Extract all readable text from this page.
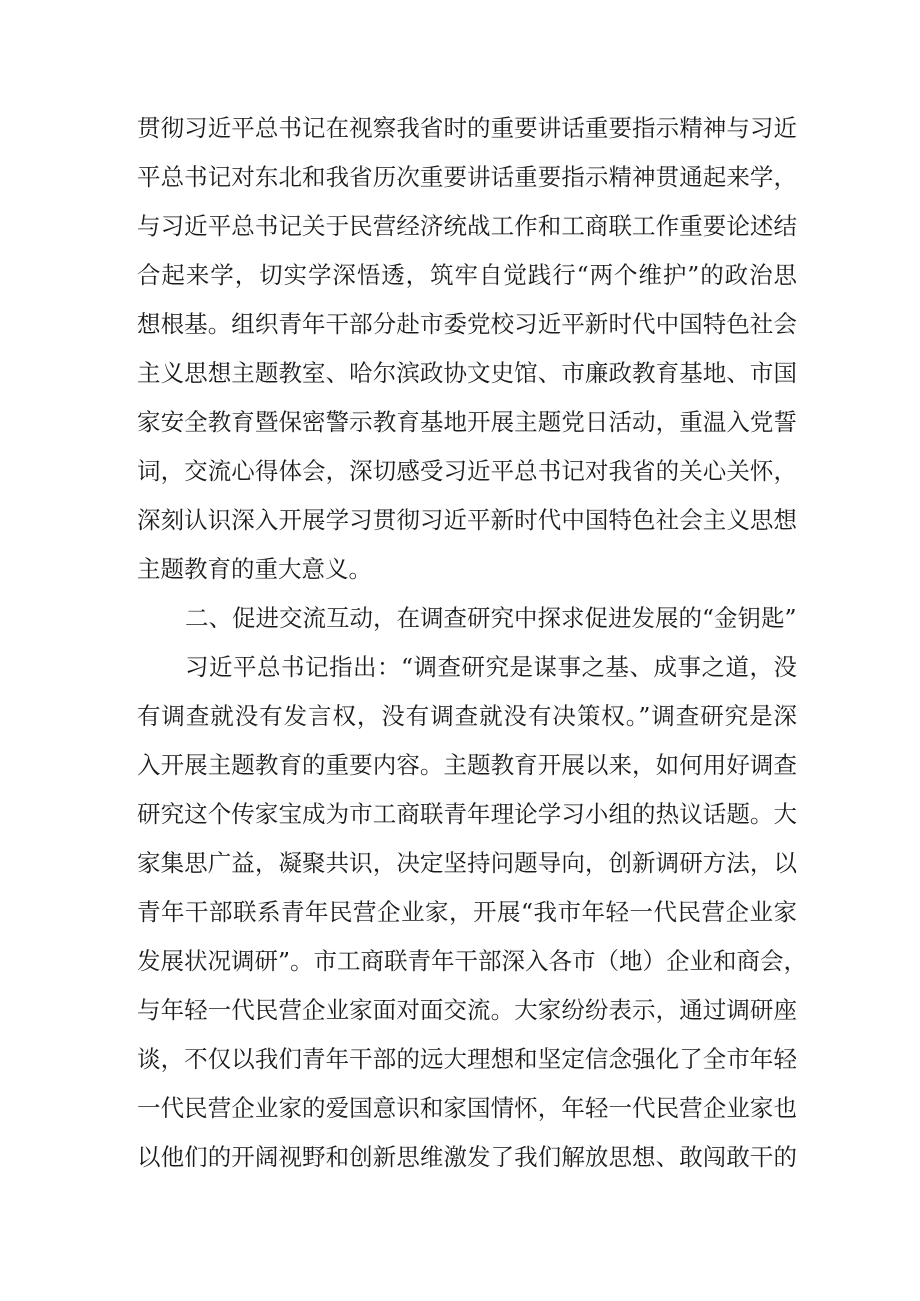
贯彻习近平总书记在视察我省时的重要讲话重要指示精神与习近
平总书记对东北和我省历次重要讲话重要指示精神贯通起来学，
与习近平总书记关于民营经济统战工作和工商联工作重要论述结
合起来学，切实学深悟透，筑牢自觉践行“两个维护”的政治思
想根基。组织青年干部分赴市委党校习近平新时代中国特色社会
主义思想主题教室、哈尔滨政协文史馆、市廉政教育基地、市国
家安全教育暨保密警示教育基地开展主题党日活动，重温入党誓
词，交流心得体会，深切感受习近平总书记对我省的关心关怀，
深刻认识深入开展学习贯彻习近平新时代中国特色社会主义思想
主题教育的重大意义。
二、促进交流互动，在调查研究中探求促进发展的“金钥匙”
习近平总书记指出：“调查研究是谋事之基、成事之道，没
有调查就没有发言权，没有调查就没有决策权。”调查研究是深
入开展主题教育的重要内容。主题教育开展以来，如何用好调查
研究这个传家宝成为市工商联青年理论学习小组的热议话题。大
家集思广益，凝聚共识，决定坚持问题导向，创新调研方法，以
青年干部联系青年民营企业家，开展“我市年轻一代民营企业家
发展状况调研”。市工商联青年干部深入各市（地）企业和商会，
与年轻一代民营企业家面对面交流。大家纷纷表示，通过调研座
谈，不仅以我们青年干部的远大理想和坚定信念强化了全市年轻
一代民营企业家的爱国意识和家国情怀，年轻一代民营企业家也
以他们的开阔视野和创新思维激发了我们解放思想、敢闯敢干的
